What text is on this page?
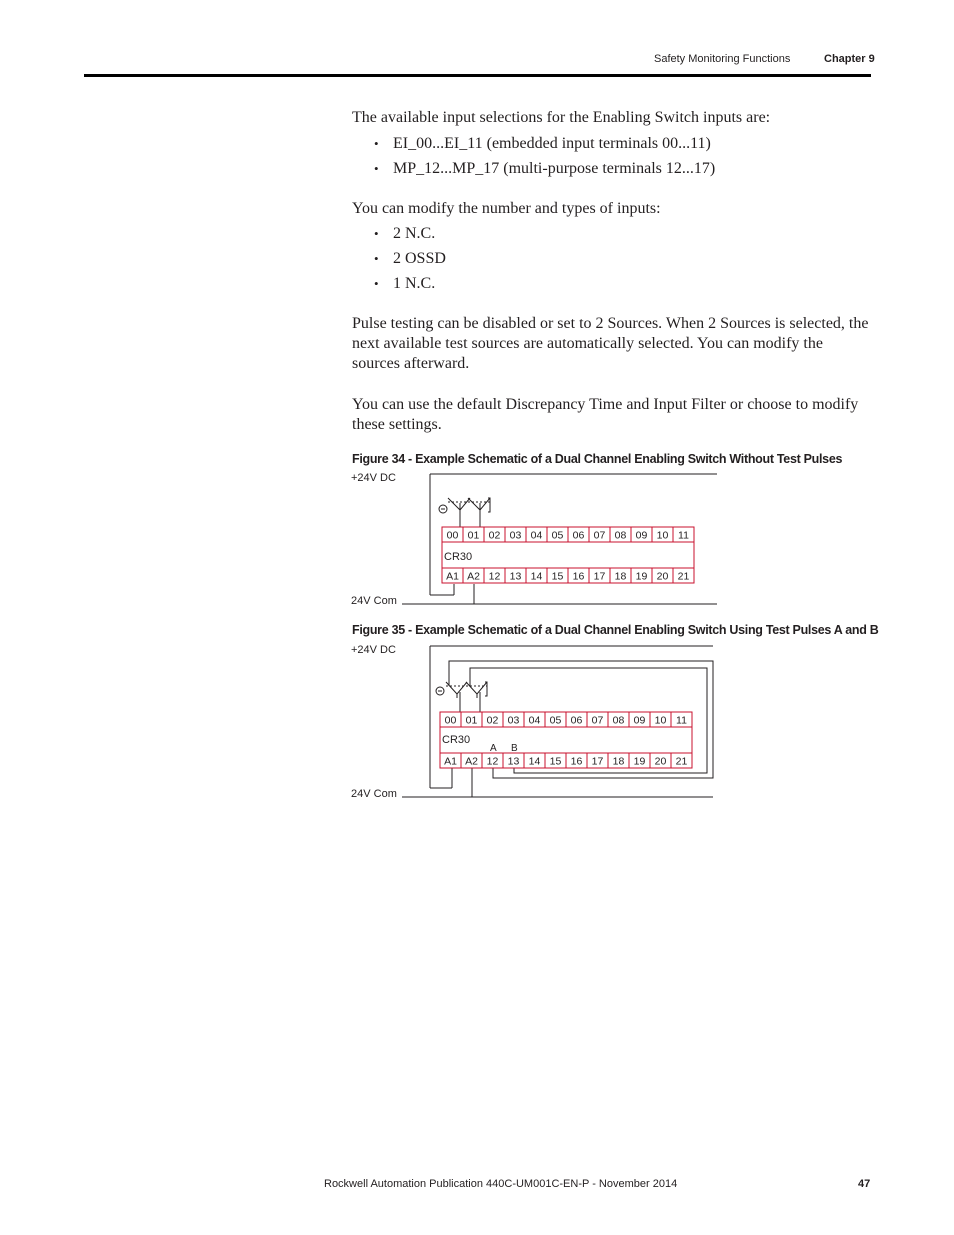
Safety Monitoring Functions	Chapter 9
The available input selections for the Enabling Switch inputs are:
• EI_00...EI_11 (embedded input terminals 00...11)
• MP_12...MP_17 (multi-purpose terminals 12...17)
You can modify the number and types of inputs:
• 2 N.C.
• 2 OSSD
• 1 N.C.
Pulse testing can be disabled or set to 2 Sources. When 2 Sources is selected, the next available test sources are automatically selected. You can modify the sources afterward.
You can use the default Discrepancy Time and Input Filter or choose to modify these settings.
Figure 34 - Example Schematic of a Dual Channel Enabling Switch Without Test Pulses
+24V DC
24V Com
00 01 02 03 04 05 06 07 08 09 10 11
A1 A2 12 13 14 15 16 17 18 19 20 21
CR30
Figure 35 - Example Schematic of a Dual Channel Enabling Switch Using Test Pulses A and B
+24V DC
24V Com
00 01 02 03 04 05 06 07 08 09 10 11
A1 A2 12 13 14 15 16 17 18 19 20 21
CR30
A B
Rockwell Automation Publication 440C-UM001C-EN-P - November 2014	47
